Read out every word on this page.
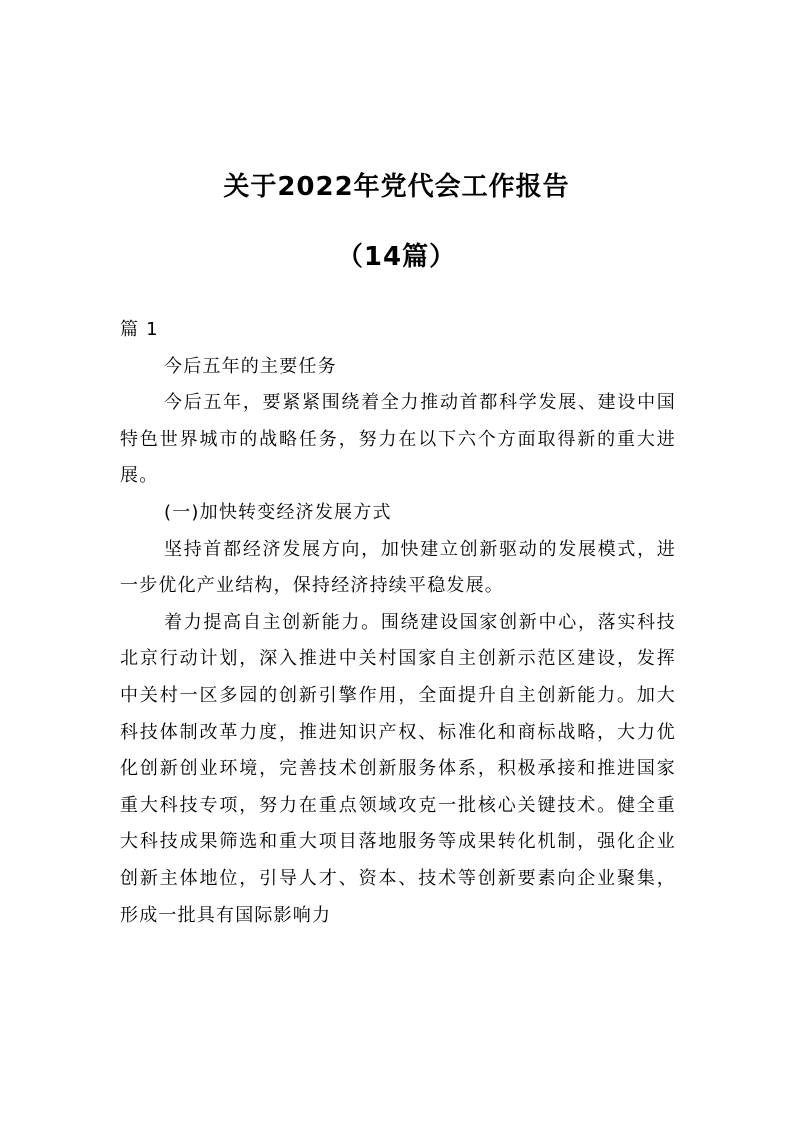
关于2022年党代会工作报告
（14篇）

篇 1

今后五年的主要任务

今后五年，要紧紧围绕着全力推动首都科学发展、建设中国特色世界城市的战略任务，努力在以下六个方面取得新的重大进展。

(一)加快转变经济发展方式

坚持首都经济发展方向，加快建立创新驱动的发展模式，进一步优化产业结构，保持经济持续平稳发展。

着力提高自主创新能力。围绕建设国家创新中心，落实科技北京行动计划，深入推进中关村国家自主创新示范区建设，发挥中关村一区多园的创新引擎作用，全面提升自主创新能力。加大科技体制改革力度，推进知识产权、标准化和商标战略，大力优化创新创业环境，完善技术创新服务体系，积极承接和推进国家重大科技专项，努力在重点领域攻克一批核心关键技术。健全重大科技成果筛选和重大项目落地服务等成果转化机制，强化企业创新主体地位，引导人才、资本、技术等创新要素向企业聚集，形成一批具有国际影响力
